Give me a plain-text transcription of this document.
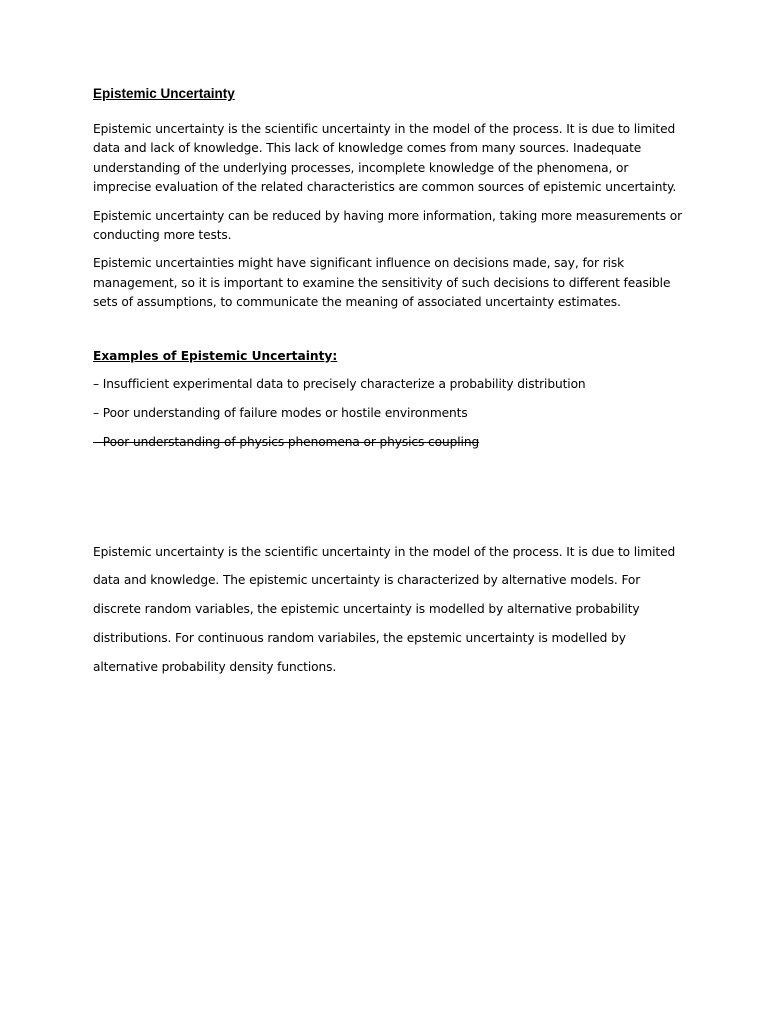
Epistemic Uncertainty

Epistemic uncertainty is the scientific uncertainty in the model of the process. It is due to limited data and lack of knowledge. This lack of knowledge comes from many sources. Inadequate understanding of the underlying processes, incomplete knowledge of the phenomena, or imprecise evaluation of the related characteristics are common sources of epistemic uncertainty.

Epistemic uncertainty can be reduced by having more information, taking more measurements or conducting more tests.

Epistemic uncertainties might have significant influence on decisions made, say, for risk management, so it is important to examine the sensitivity of such decisions to different feasible sets of assumptions, to communicate the meaning of associated uncertainty estimates.

Examples of Epistemic Uncertainty:
– Insufficient experimental data to precisely characterize a probability distribution
– Poor understanding of failure modes or hostile environments
– Poor understanding of physics phenomena or physics coupling

Epistemic uncertainty is the scientific uncertainty in the model of the process. It is due to limited data and knowledge. The epistemic uncertainty is characterized by alternative models. For discrete random variables, the epistemic uncertainty is modelled by alternative probability distributions. For continuous random variabiles, the epstemic uncertainty is modelled by alternative probability density functions.
